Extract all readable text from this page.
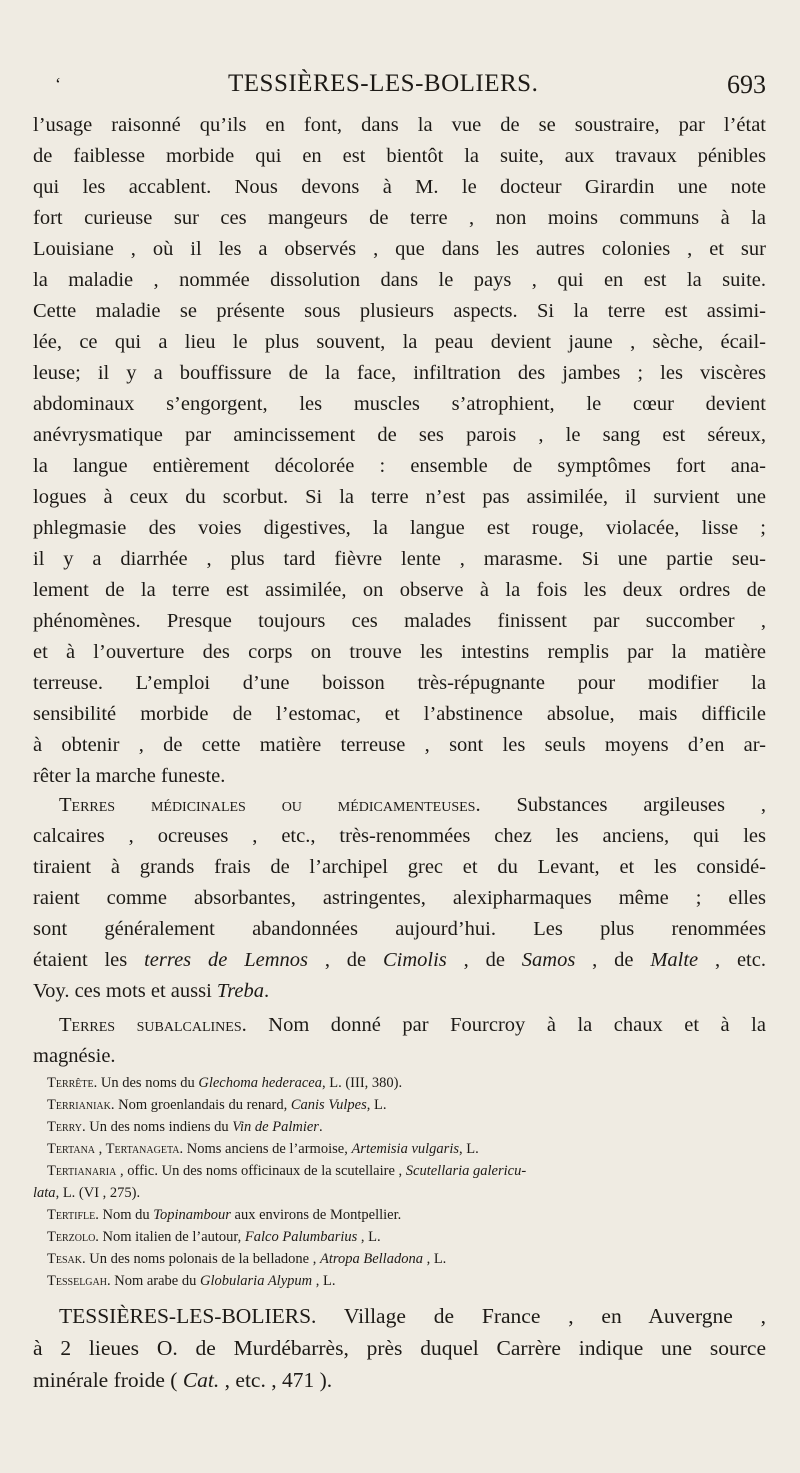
‘	TESSIÈRES-LES-BOLIERS.	693
l’usage raisonné qu’ils en font, dans la vue de se soustraire, par l’état
de faiblesse morbide qui en est bientôt la suite, aux travaux pénibles
qui les accablent. Nous devons à M. le docteur Girardin une note
fort curieuse sur ces mangeurs de terre , non moins communs à la
Louisiane , où il les a observés , que dans les autres colonies , et sur
la maladie , nommée dissolution dans le pays , qui en est la suite.
Cette maladie se présente sous plusieurs aspects. Si la terre est assimi-
lée, ce qui a lieu le plus souvent, la peau devient jaune , sèche, écail-
leuse; il y a bouffissure de la face, infiltration des jambes ; les viscères
abdominaux s’engorgent, les muscles s’atrophient, le cœur devient
anévrysmatique par amincissement de ses parois , le sang est séreux,
la langue entièrement décolorée : ensemble de symptômes fort ana-
logues à ceux du scorbut. Si la terre n’est pas assimilée, il survient une
phlegmasie des voies digestives, la langue est rouge, violacée, lisse ;
il y a diarrhée , plus tard fièvre lente , marasme. Si une partie seu-
lement de la terre est assimilée, on observe à la fois les deux ordres de
phénomènes. Presque toujours ces malades finissent par succomber ,
et à l’ouverture des corps on trouve les intestins remplis par la matière
terreuse. L’emploi d’une boisson très-répugnante pour modifier la
sensibilité morbide de l’estomac, et l’abstinence absolue, mais difficile
à obtenir , de cette matière terreuse , sont les seuls moyens d’en ar-
rêter la marche funeste.
Terres médicinales ou médicamenteuses. Substances argileuses ,
calcaires , ocreuses , etc., très-renommées chez les anciens, qui les
tiraient à grands frais de l’archipel grec et du Levant, et les considé-
raient comme absorbantes, astringentes, alexipharmaques même ; elles
sont généralement abandonnées aujourd’hui. Les plus renommées
étaient les terres de Lemnos , de Cimolis , de Samos , de Malte , etc.
Voy. ces mots et aussi Treba.
Terres subalcalines. Nom donné par Fourcroy à la chaux et à la
magnésie.
Terrête. Un des noms du Glechoma hederacea, L. (III, 380).
Terrianiak. Nom groenlandais du renard, Canis Vulpes, L.
Terry. Un des noms indiens du Vin de Palmier.
Tertana , Tertanageta. Noms anciens de l’armoise, Artemisia vulgaris, L.
Tertianaria , offic. Un des noms officinaux de la scutellaire , Scutellaria galericu-
lata, L. (VI , 275).
Tertifle. Nom du Topinambour aux environs de Montpellier.
Terzolo. Nom italien de l’autour, Falco Palumbarius , L.
Tesak. Un des noms polonais de la belladone , Atropa Belladona , L.
Tesselgah. Nom arabe du Globularia Alypum , L.
TESSIÈRES-LES-BOLIERS. Village de France , en Auvergne ,
à 2 lieues O. de Murdébarrès, près duquel Carrère indique une source
minérale froide ( Cat. , etc. , 471 ).
